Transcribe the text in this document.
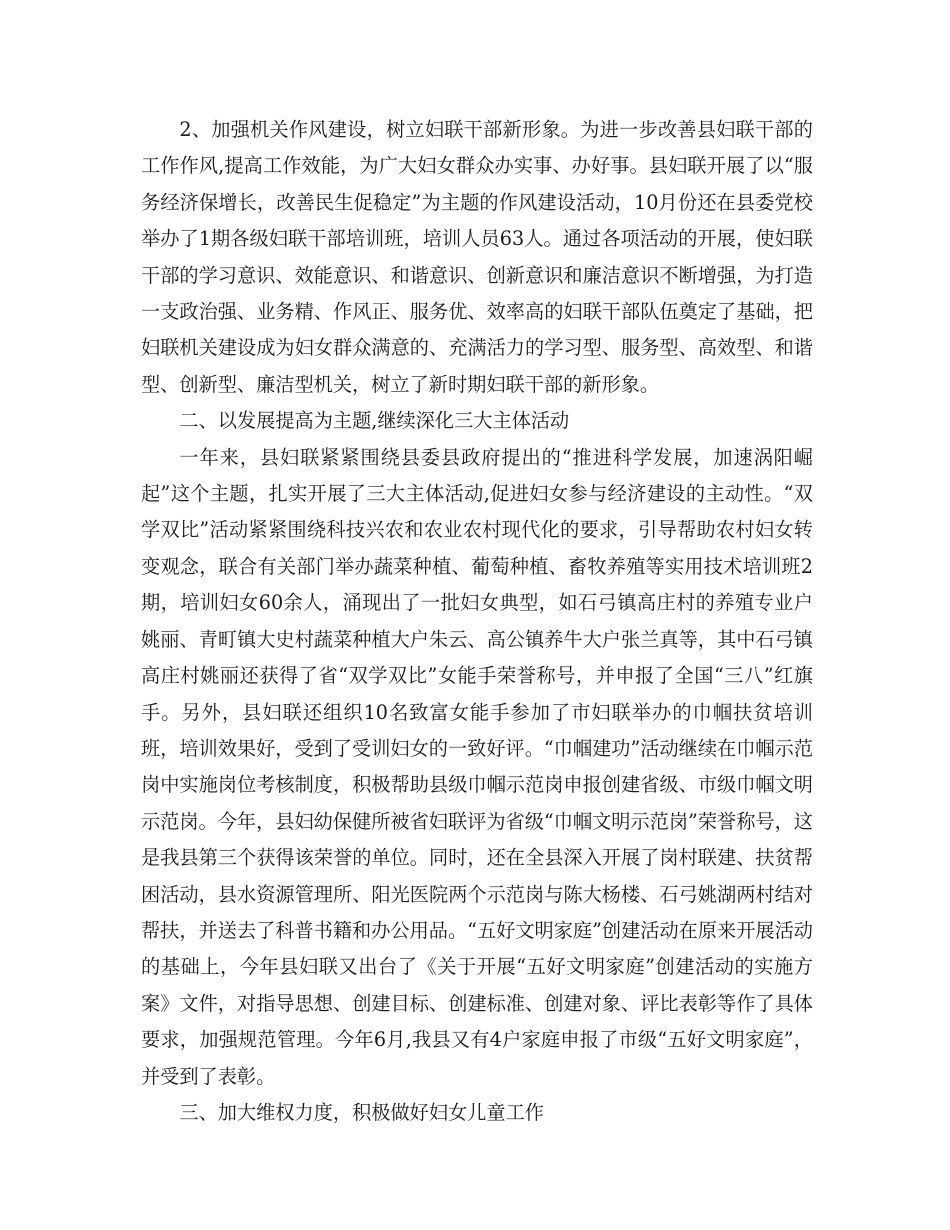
2、加强机关作风建设，树立妇联干部新形象。为进一步改善县妇联干部的工作作风,提高工作效能，为广大妇女群众办实事、办好事。县妇联开展了以“服务经济保增长，改善民生促稳定”为主题的作风建设活动，10月份还在县委党校举办了1期各级妇联干部培训班，培训人员63人。通过各项活动的开展，使妇联干部的学习意识、效能意识、和谐意识、创新意识和廉洁意识不断增强，为打造一支政治强、业务精、作风正、服务优、效率高的妇联干部队伍奠定了基础，把妇联机关建设成为妇女群众满意的、充满活力的学习型、服务型、高效型、和谐型、创新型、廉洁型机关，树立了新时期妇联干部的新形象。

二、以发展提高为主题,继续深化三大主体活动

一年来，县妇联紧紧围绕县委县政府提出的“推进科学发展，加速涡阳崛起”这个主题，扎实开展了三大主体活动,促进妇女参与经济建设的主动性。“双学双比”活动紧紧围绕科技兴农和农业农村现代化的要求，引导帮助农村妇女转变观念，联合有关部门举办蔬菜种植、葡萄种植、畜牧养殖等实用技术培训班2期，培训妇女60余人，涌现出了一批妇女典型，如石弓镇高庄村的养殖专业户姚丽、青町镇大史村蔬菜种植大户朱云、高公镇养牛大户张兰真等，其中石弓镇高庄村姚丽还获得了省“双学双比”女能手荣誉称号，并申报了全国“三八”红旗手。另外，县妇联还组织10名致富女能手参加了市妇联举办的巾帼扶贫培训班，培训效果好，受到了受训妇女的一致好评。“巾帼建功”活动继续在巾帼示范岗中实施岗位考核制度，积极帮助县级巾帼示范岗申报创建省级、市级巾帼文明示范岗。今年，县妇幼保健所被省妇联评为省级“巾帼文明示范岗”荣誉称号，这是我县第三个获得该荣誉的单位。同时，还在全县深入开展了岗村联建、扶贫帮困活动，县水资源管理所、阳光医院两个示范岗与陈大杨楼、石弓姚湖两村结对帮扶，并送去了科普书籍和办公用品。“五好文明家庭”创建活动在原来开展活动的基础上，今年县妇联又出台了《关于开展“五好文明家庭”创建活动的实施方案》文件，对指导思想、创建目标、创建标准、创建对象、评比表彰等作了具体要求，加强规范管理。今年6月,我县又有4户家庭申报了市级“五好文明家庭”，并受到了表彰。

三、加大维权力度，积极做好妇女儿童工作
